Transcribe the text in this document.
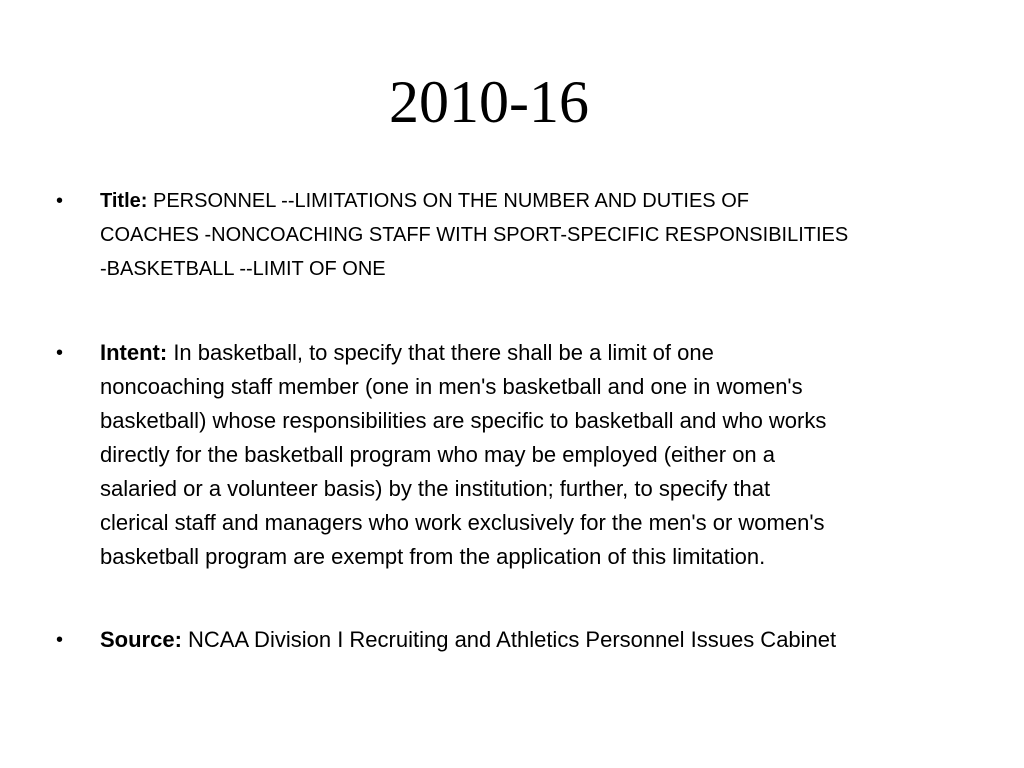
2010-16
• Title: PERSONNEL --LIMITATIONS ON THE NUMBER AND DUTIES OF
COACHES -NONCOACHING STAFF WITH SPORT-SPECIFIC RESPONSIBILITIES
-BASKETBALL --LIMIT OF ONE
• Intent: In basketball, to specify that there shall be a limit of one
noncoaching staff member (one in men's basketball and one in women's
basketball) whose responsibilities are specific to basketball and who works
directly for the basketball program who may be employed (either on a
salaried or a volunteer basis) by the institution; further, to specify that
clerical staff and managers who work exclusively for the men's or women's
basketball program are exempt from the application of this limitation.
• Source: NCAA Division I Recruiting and Athletics Personnel Issues Cabinet
